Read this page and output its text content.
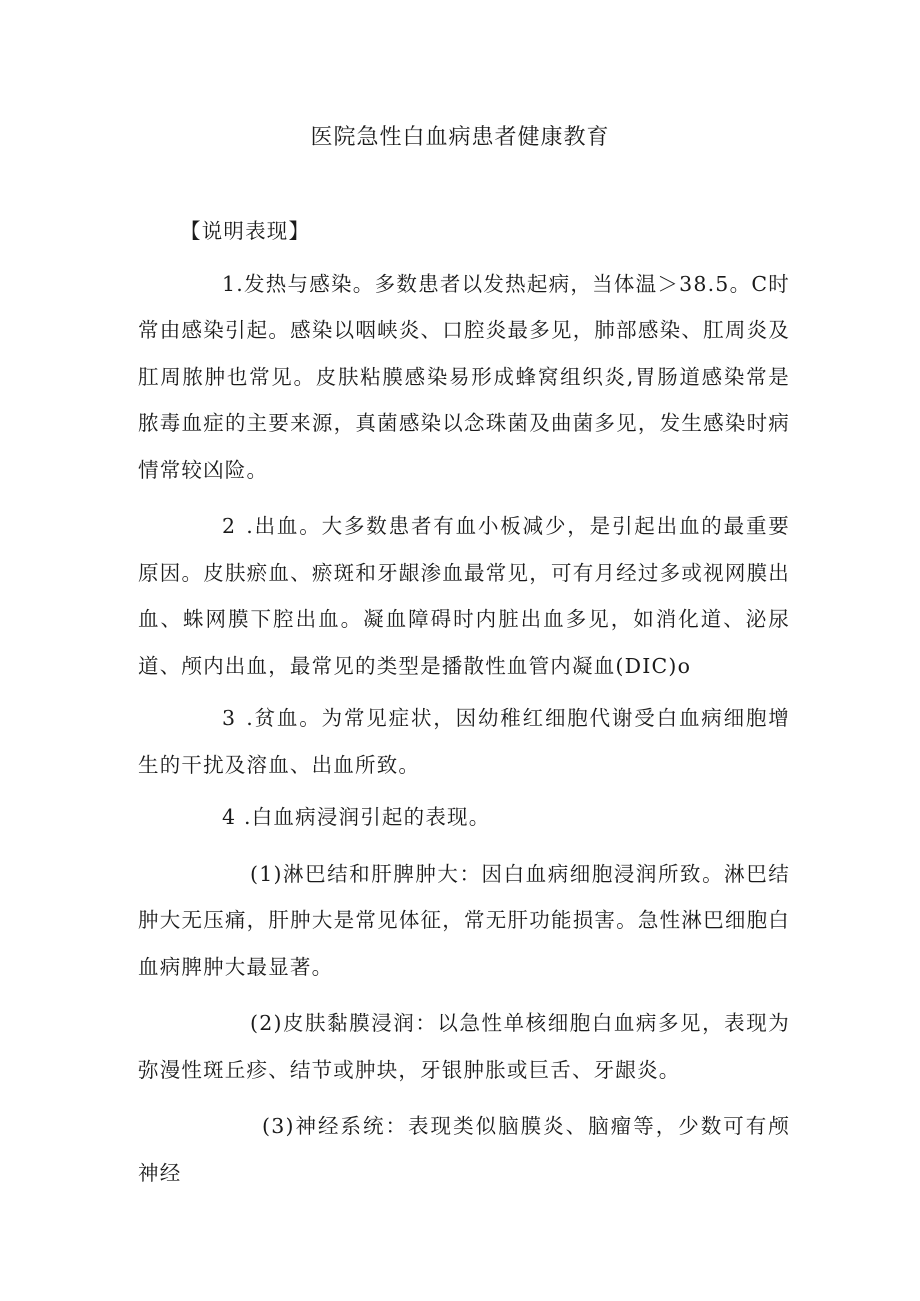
医院急性白血病患者健康教育

【说明表现】

1.发热与感染。多数患者以发热起病，当体温＞38.5。C时常由感染引起。感染以咽峡炎、口腔炎最多见，肺部感染、肛周炎及肛周脓肿也常见。皮肤粘膜感染易形成蜂窝组织炎,胃肠道感染常是脓毒血症的主要来源，真菌感染以念珠菌及曲菌多见，发生感染时病情常较凶险。

2 .出血。大多数患者有血小板减少，是引起出血的最重要原因。皮肤瘀血、瘀斑和牙龈渗血最常见，可有月经过多或视网膜出血、蛛网膜下腔出血。凝血障碍时内脏出血多见，如消化道、泌尿道、颅内出血，最常见的类型是播散性血管内凝血(DIC)o

3 .贫血。为常见症状，因幼稚红细胞代谢受白血病细胞增生的干扰及溶血、出血所致。

4 .白血病浸润引起的表现。

(1)淋巴结和肝脾肿大：因白血病细胞浸润所致。淋巴结肿大无压痛，肝肿大是常见体征，常无肝功能损害。急性淋巴细胞白血病脾肿大最显著。

(2)皮肤黏膜浸润：以急性单核细胞白血病多见，表现为弥漫性斑丘疹、结节或肿块，牙银肿胀或巨舌、牙龈炎。

(3)神经系统：表现类似脑膜炎、脑瘤等，少数可有颅神经
